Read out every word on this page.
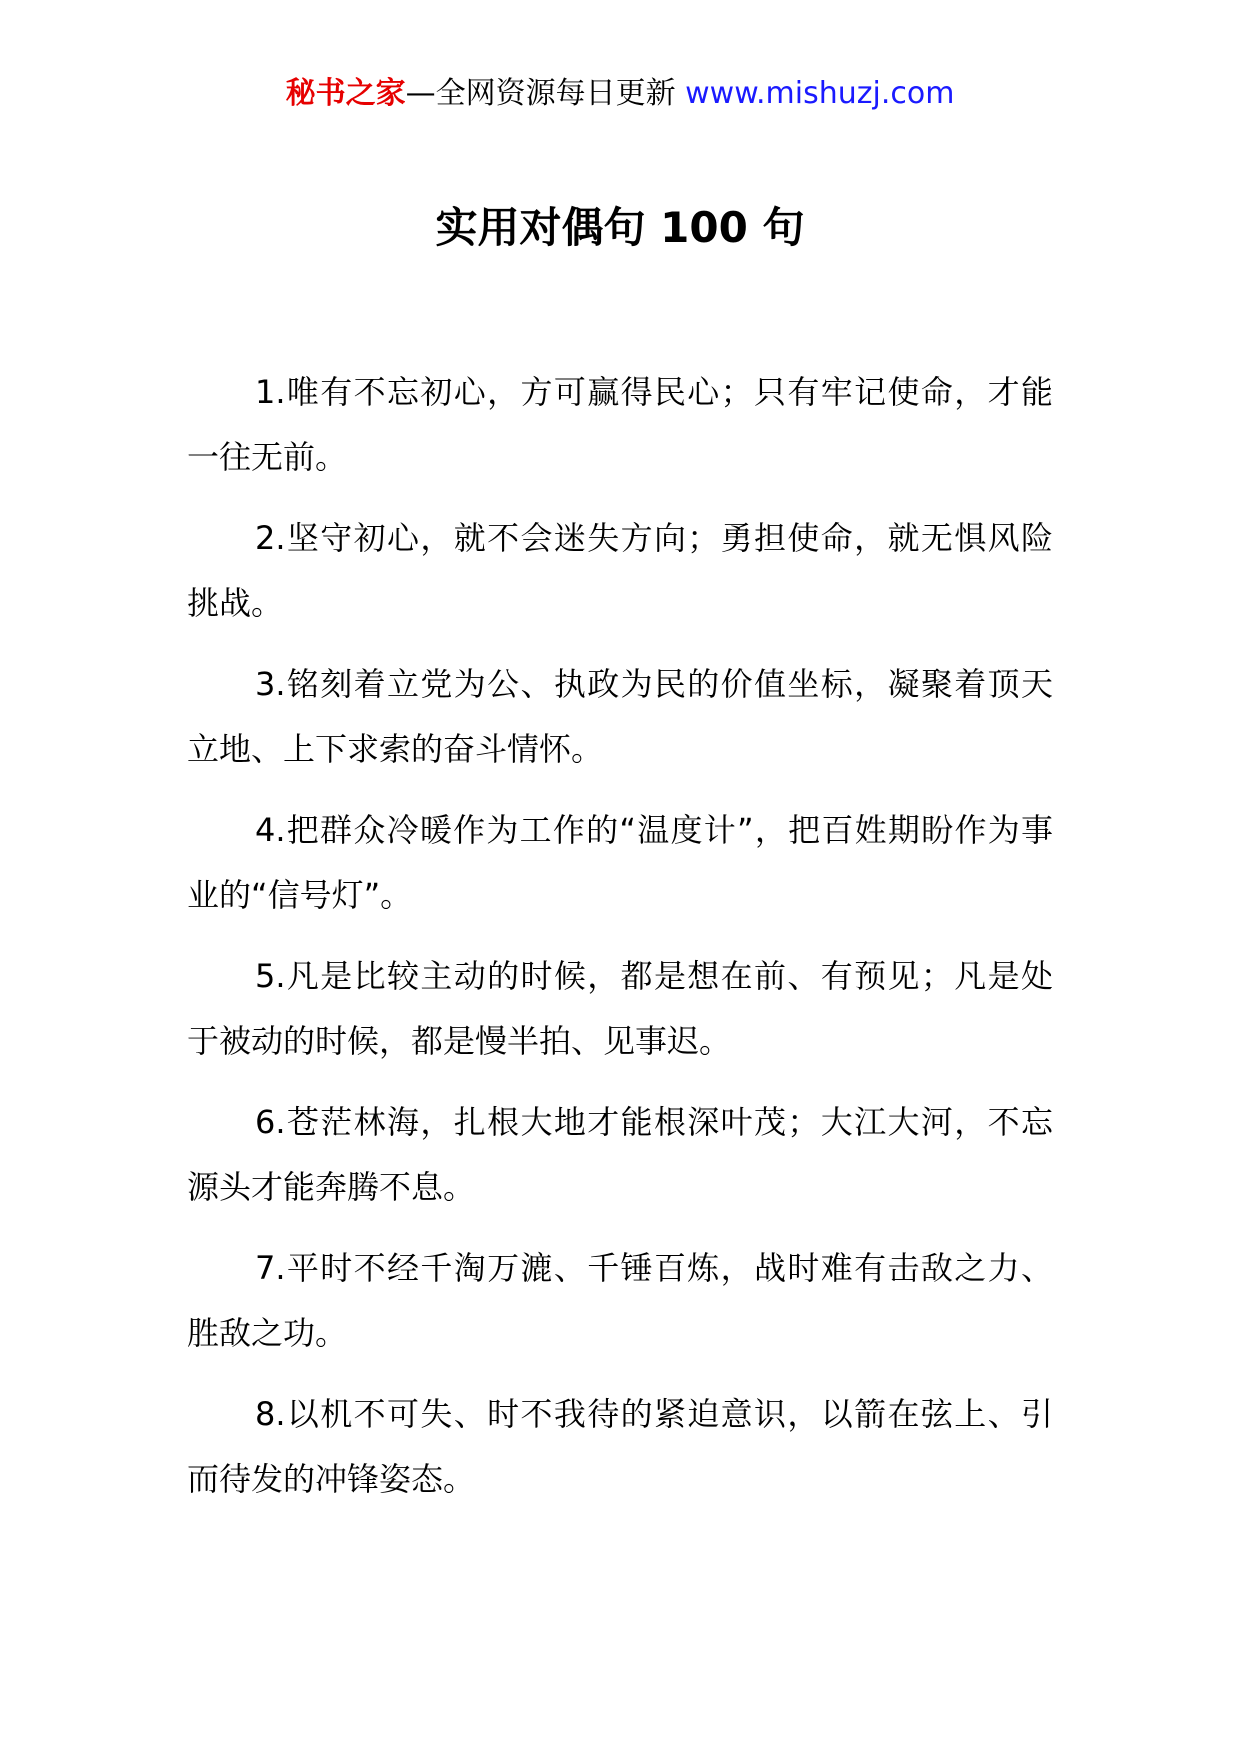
秘书之家—全网资源每日更新 www.mishuzj.com
实用对偶句 100 句

1.唯有不忘初心，方可赢得民心；只有牢记使命，才能一往无前。

2.坚守初心，就不会迷失方向；勇担使命，就无惧风险挑战。

3.铭刻着立党为公、执政为民的价值坐标，凝聚着顶天立地、上下求索的奋斗情怀。

4.把群众冷暖作为工作的“温度计”，把百姓期盼作为事业的“信号灯”。

5.凡是比较主动的时候，都是想在前、有预见；凡是处于被动的时候，都是慢半拍、见事迟。

6.苍茫林海，扎根大地才能根深叶茂；大江大河，不忘源头才能奔腾不息。

7.平时不经千淘万漉、千锤百炼，战时难有击敌之力、胜敌之功。

8.以机不可失、时不我待的紧迫意识，以箭在弦上、引而待发的冲锋姿态。
